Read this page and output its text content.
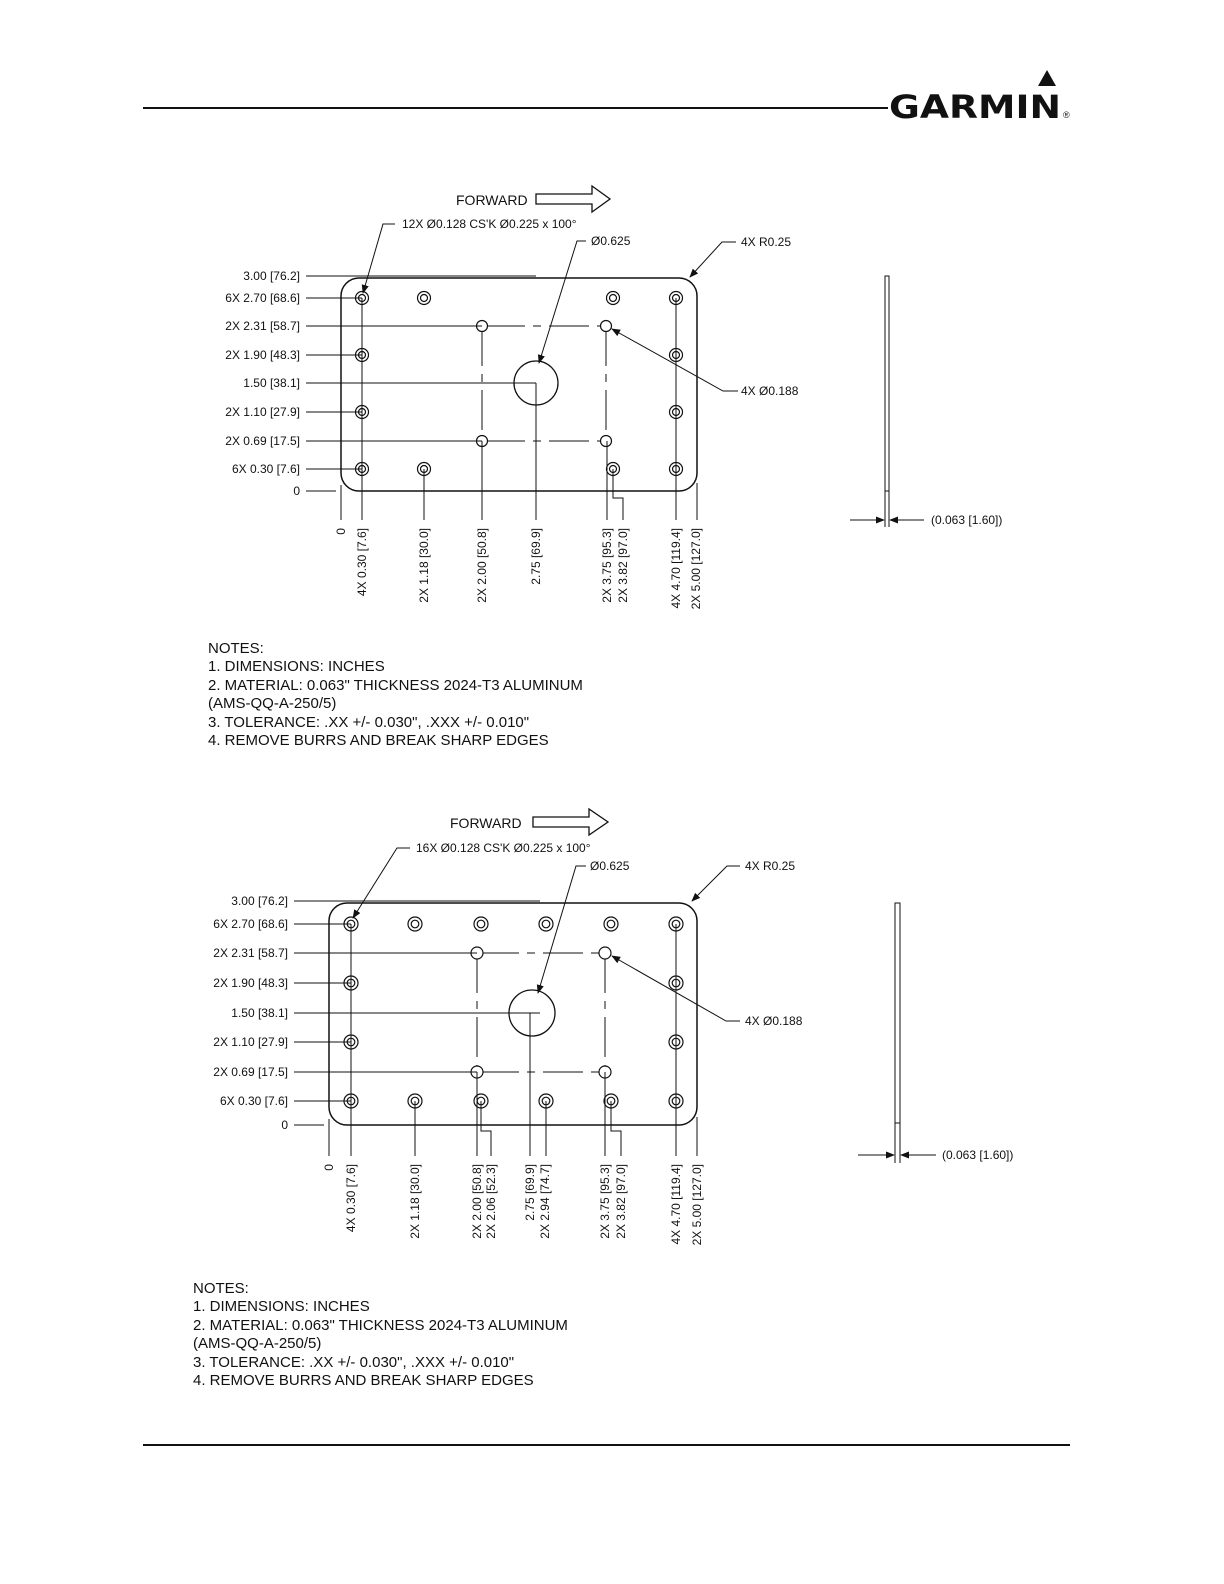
GARMIN ®
FORWARD
12X Ø0.128 CS'K Ø0.225 x 100°
Ø0.625	4X R0.25
4X Ø0.188
3.00 [76.2]
6X 2.70 [68.6]
2X 2.31 [58.7]
2X 1.90 [48.3]
1.50 [38.1]
2X 1.10 [27.9]
2X 0.69 [17.5]
6X 0.30 [7.6]
0
0 4X 0.30 [7.6]	2X 1.18 [30.0]	2X 2.00 [50.8]	2.75 [69.9]	2X 3.75 [95.3] 2X 3.82 [97.0]	4X 4.70 [119.4] 2X 5.00 [127.0]
(0.063 [1.60])
FORWARD
16X Ø0.128 CS'K Ø0.225 x 100°
Ø0.625	4X R0.25
4X Ø0.188
3.00 [76.2]
6X 2.70 [68.6]
2X 2.31 [58.7]
2X 1.90 [48.3]
1.50 [38.1]
2X 1.10 [27.9]
2X 0.69 [17.5]
6X 0.30 [7.6]
0
0 4X 0.30 [7.6]	2X 1.18 [30.0]	2X 2.00 [50.8] 2X 2.06 [52.3] 2.75 [69.9] 2X 2.94 [74.7]	2X 3.75 [95.3] 2X 3.82 [97.0]	4X 4.70 [119.4] 2X 5.00 [127.0]
(0.063 [1.60])
NOTES:
1. DIMENSIONS: INCHES
2. MATERIAL: 0.063" THICKNESS 2024-T3 ALUMINUM
(AMS-QQ-A-250/5)
3. TOLERANCE: .XX +/- 0.030", .XXX +/- 0.010"
4. REMOVE BURRS AND BREAK SHARP EDGES
NOTES:
1. DIMENSIONS: INCHES
2. MATERIAL: 0.063" THICKNESS 2024-T3 ALUMINUM
(AMS-QQ-A-250/5)
3. TOLERANCE: .XX +/- 0.030", .XXX +/- 0.010"
4. REMOVE BURRS AND BREAK SHARP EDGES
